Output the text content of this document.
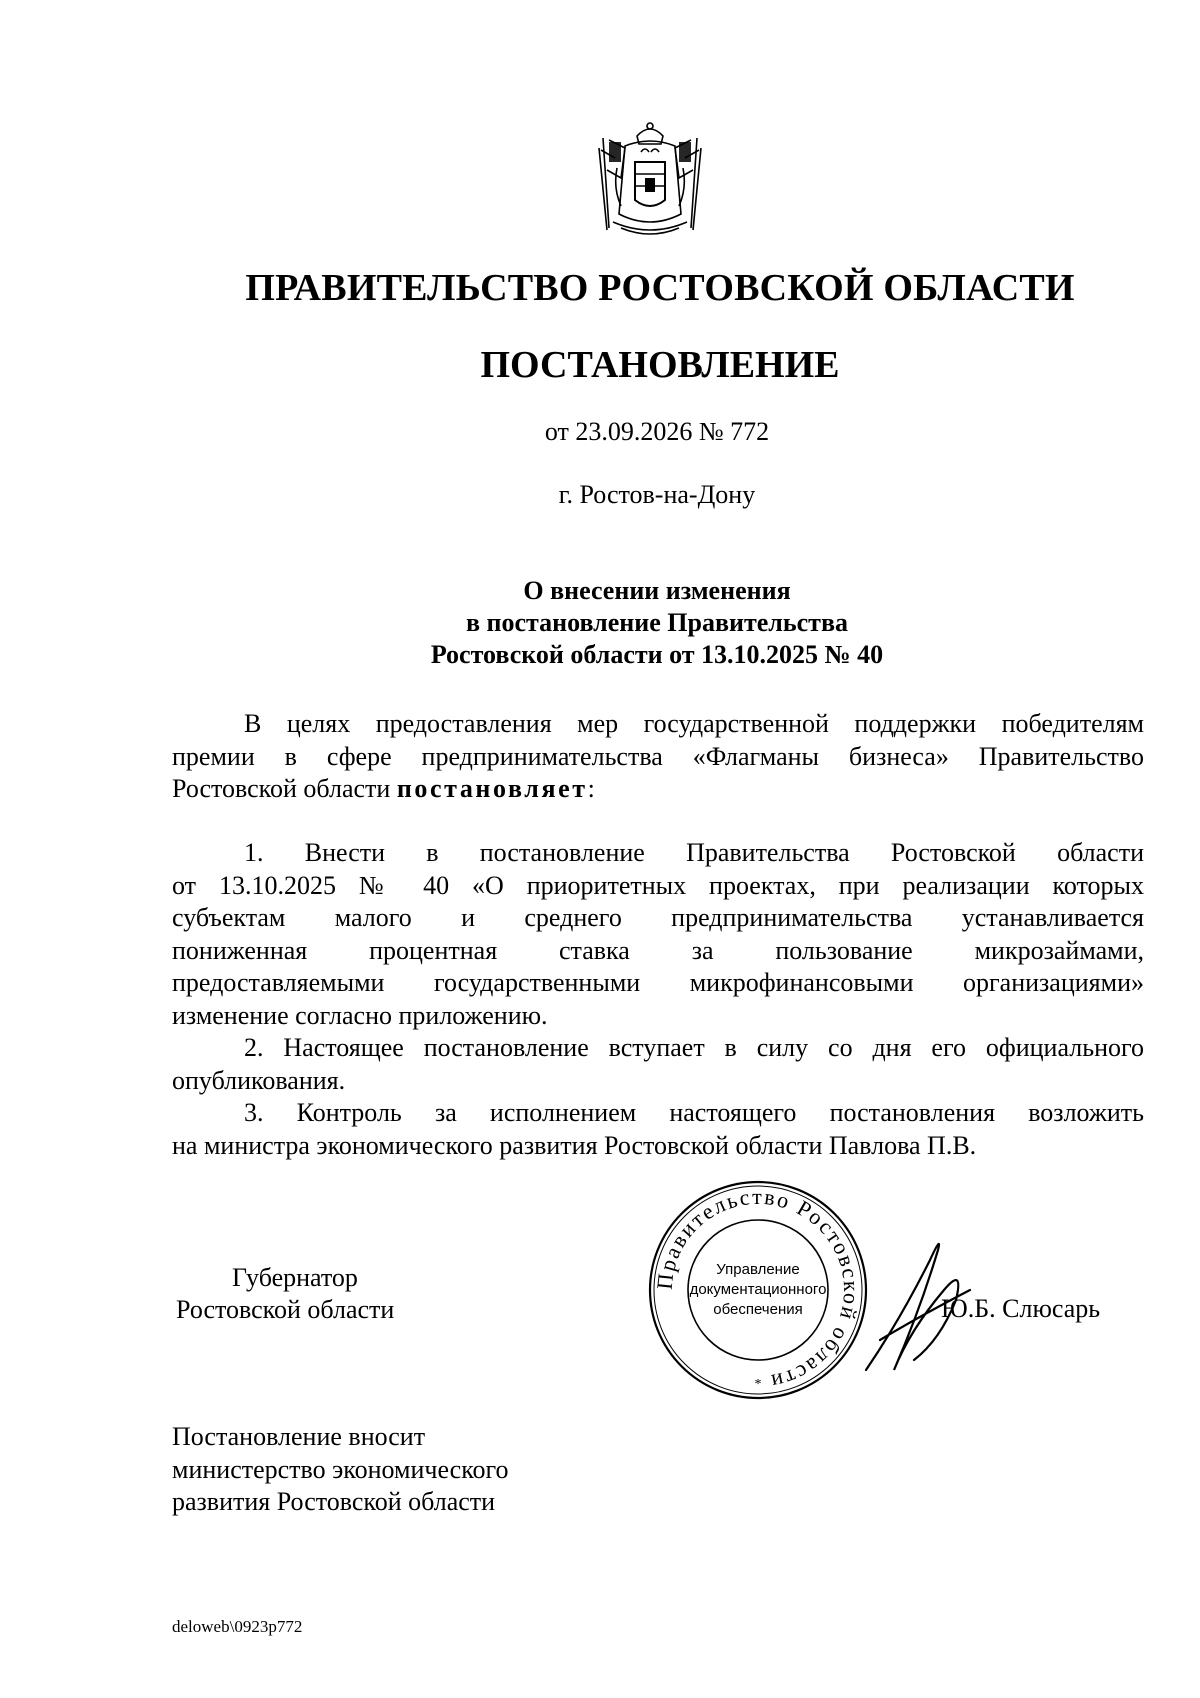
ПРАВИТЕЛЬСТВО РОСТОВСКОЙ ОБЛАСТИ
ПОСТАНОВЛЕНИЕ
от 23.09.2026 № 772
г. Ростов-на-Дону
О внесении изменения
в постановление Правительства
Ростовской области от 13.10.2025 № 40
В целях предоставления мер государственной поддержки победителям
премии в сфере предпринимательства «Флагманы бизнеса» Правительство
Ростовской области постановляет:
1. Внести в постановление Правительства Ростовской области
от 13.10.2025 № 40 «О приоритетных проектах, при реализации которых
субъектам малого и среднего предпринимательства устанавливается
пониженная процентная ставка за пользование микрозаймами,
предоставляемыми государственными микрофинансовыми организациями»
изменение согласно приложению.
2. Настоящее постановление вступает в силу со дня его официального
опубликования.
3. Контроль за исполнением настоящего постановления возложить
на министра экономического развития Ростовской области Павлова П.В.
Губернатор
Ростовской области
Правительство Ростовской области
Управление
документационного
обеспечения
*
Ю.Б. Слюсарь
Постановление вносит
министерство экономического
развития Ростовской области
deloweb\0923p772
